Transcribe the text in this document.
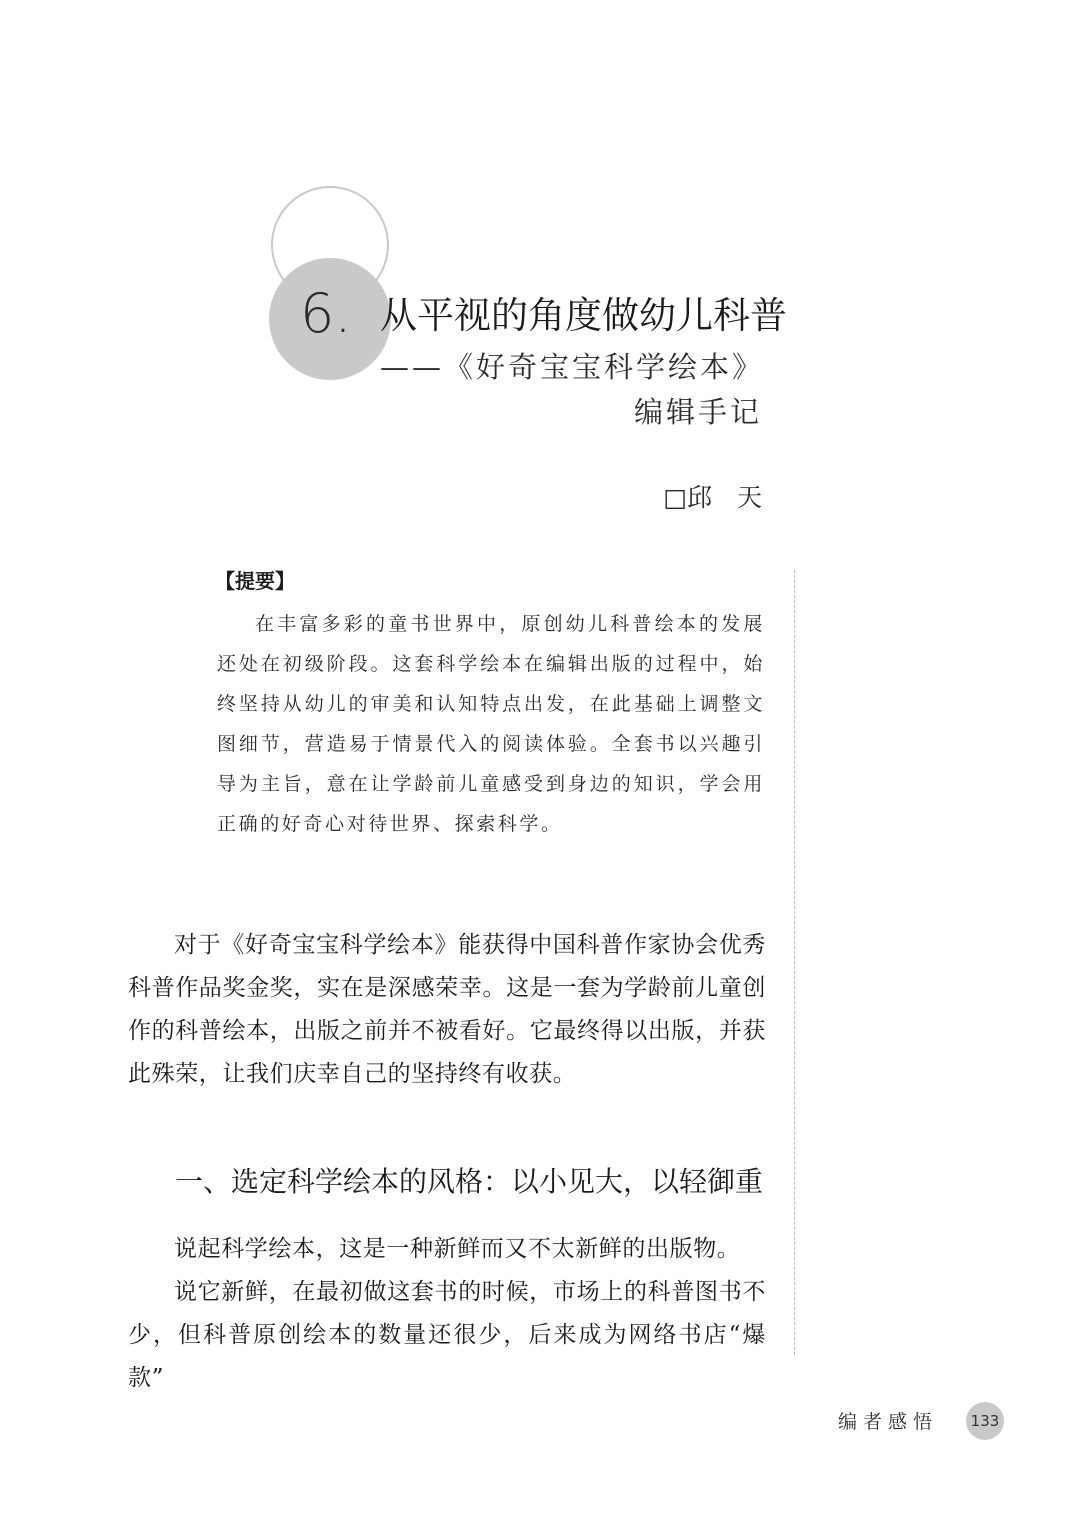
6. 从平视的角度做幼儿科普
——《好奇宝宝科学绘本》
编辑手记
□邱　天
【提要】

在丰富多彩的童书世界中，原创幼儿科普绘本的发展还处在初级阶段。这套科学绘本在编辑出版的过程中，始终坚持从幼儿的审美和认知特点出发，在此基础上调整文图细节，营造易于情景代入的阅读体验。全套书以兴趣引导为主旨，意在让学龄前儿童感受到身边的知识，学会用正确的好奇心对待世界、探索科学。

对于《好奇宝宝科学绘本》能获得中国科普作家协会优秀科普作品奖金奖，实在是深感荣幸。这是一套为学龄前儿童创作的科普绘本，出版之前并不被看好。它最终得以出版，并获此殊荣，让我们庆幸自己的坚持终有收获。

一、选定科学绘本的风格：以小见大，以轻御重

说起科学绘本，这是一种新鲜而又不太新鲜的出版物。

说它新鲜，在最初做这套书的时候，市场上的科普图书不少，但科普原创绘本的数量还很少，后来成为网络书店“爆款”

编者感悟	133
